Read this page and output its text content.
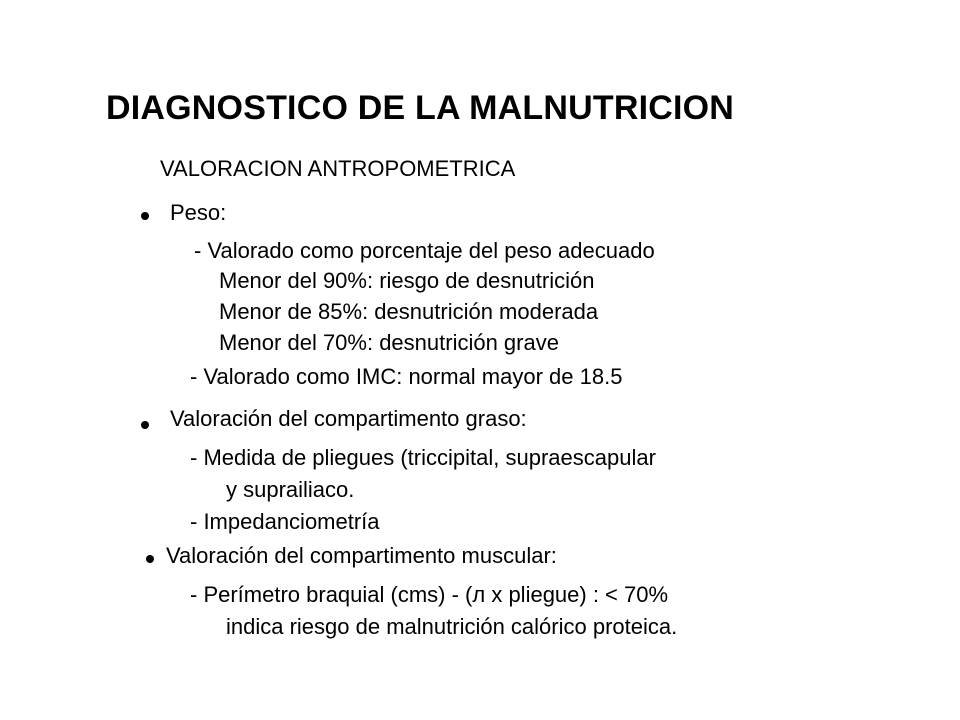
DIAGNOSTICO DE LA MALNUTRICION
VALORACION ANTROPOMETRICA
Peso:
- Valorado como porcentaje del peso adecuado
Menor del 90%: riesgo de desnutrición
Menor de 85%: desnutrición moderada
Menor del 70%: desnutrición grave
- Valorado como IMC: normal mayor de 18.5
Valoración del compartimento graso:
- Medida de pliegues (triccipital, supraescapular
y suprailiaco.
- Impedanciometría
Valoración del compartimento muscular:
- Perímetro braquial (cms) - (л x pliegue) : < 70%
indica riesgo de malnutrición calórico proteica.
